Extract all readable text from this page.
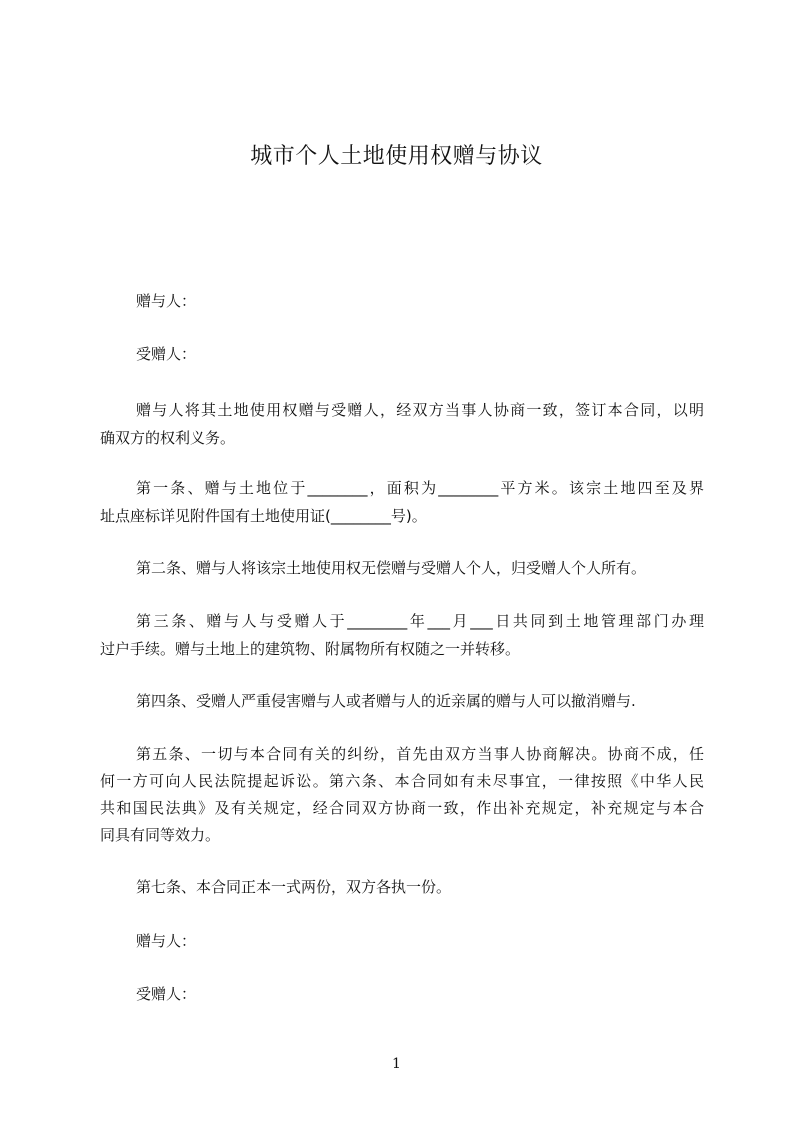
城市个人土地使用权赠与协议
赠与人：
受赠人：
赠与人将其土地使用权赠与受赠人，经双方当事人协商一致，签订本合同，以明
确双方的权利义务。
第一条、赠与土地位于________，面积为________平方米。该宗土地四至及界
址点座标详见附件国有土地使用证(________号)。
第二条、赠与人将该宗土地使用权无偿赠与受赠人个人，归受赠人个人所有。
第三条、赠与人与受赠人于________年___月___日共同到土地管理部门办理
过户手续。赠与土地上的建筑物、附属物所有权随之一并转移。
第四条、受赠人严重侵害赠与人或者赠与人的近亲属的赠与人可以撤消赠与.
第五条、一切与本合同有关的纠纷，首先由双方当事人协商解决。协商不成，任
何一方可向人民法院提起诉讼。第六条、本合同如有未尽事宜，一律按照《中华人民
共和国民法典》及有关规定，经合同双方协商一致，作出补充规定，补充规定与本合
同具有同等效力。
第七条、本合同正本一式两份，双方各执一份。
赠与人：
受赠人：
1
